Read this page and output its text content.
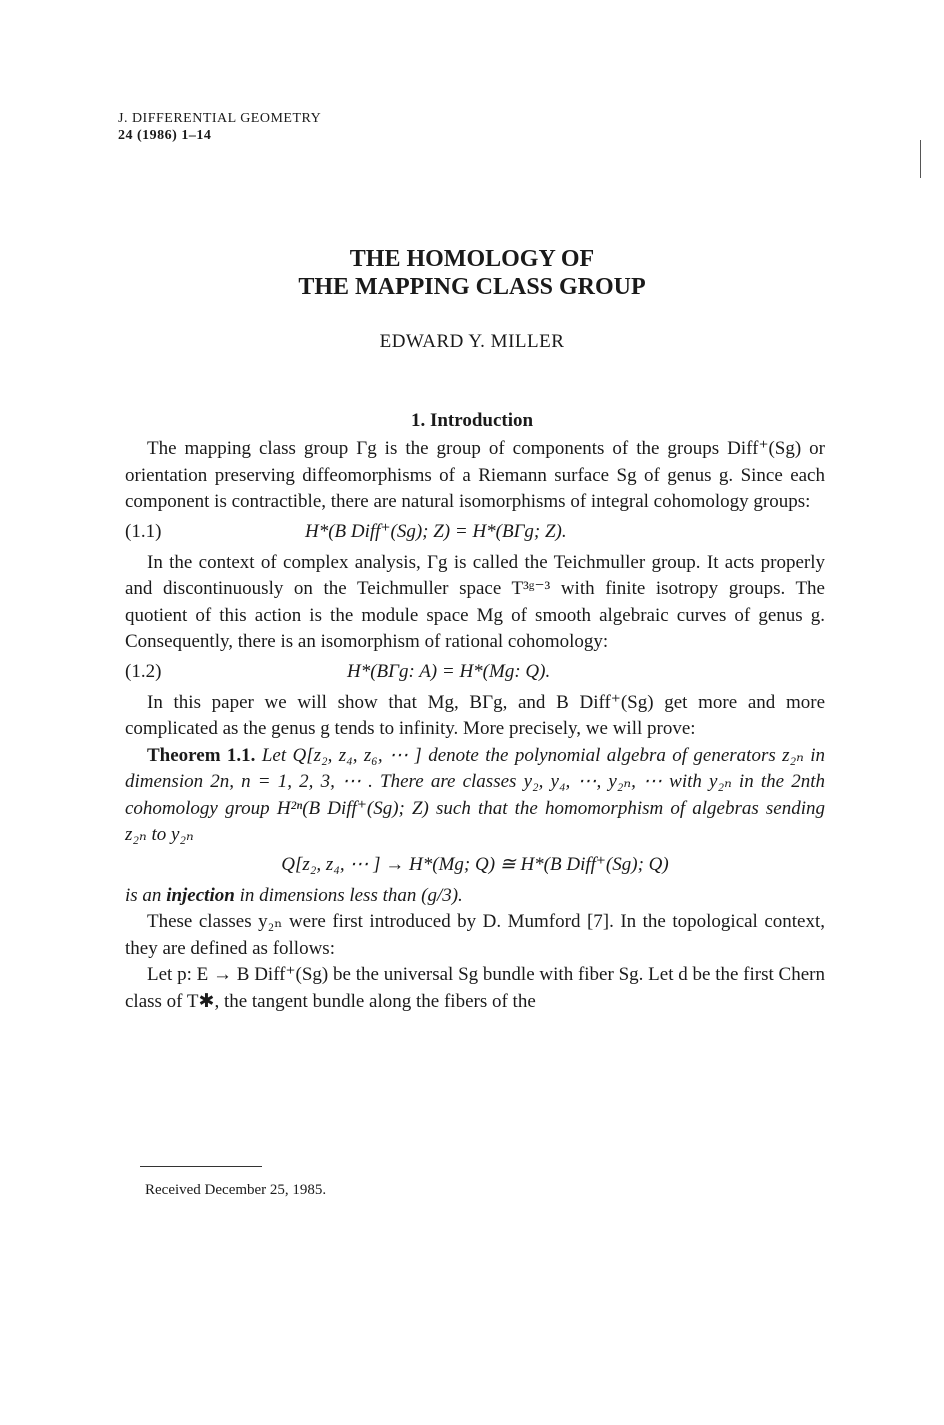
J. DIFFERENTIAL GEOMETRY
24 (1986) 1–14
THE HOMOLOGY OF
THE MAPPING CLASS GROUP
EDWARD Y. MILLER
1. Introduction

The mapping class group Γg is the group of components of the groups Diff⁺(Sg) or orientation preserving diffeomorphisms of a Riemann surface Sg of genus g. Since each component is contractible, there are natural isomorphisms of integral cohomology groups:

(1.1)	H*(B Diff⁺(Sg); Z) = H*(BΓg; Z).

In the context of complex analysis, Γg is called the Teichmuller group. It acts properly and discontinuously on the Teichmuller space T³ᵍ⁻³ with finite isotropy groups. The quotient of this action is the module space Mg of smooth algebraic curves of genus g. Consequently, there is an isomorphism of rational cohomology:

(1.2)	H*(BΓg: A) = H*(Mg: Q).

In this paper we will show that Mg, BΓg, and B Diff⁺(Sg) get more and more complicated as the genus g tends to infinity. More precisely, we will prove:

Theorem 1.1. Let Q[z₂, z₄, z₆, ⋯ ] denote the polynomial algebra of generators z₂ₙ in dimension 2n, n = 1, 2, 3, ⋯ . There are classes y₂, y₄, ⋯, y₂ₙ, ⋯ with y₂ₙ in the 2nth cohomology group H²ⁿ(B Diff⁺(Sg); Z) such that the homomorphism of algebras sending z₂ₙ to y₂ₙ

Q[z₂, z₄, ⋯ ] → H*(Mg; Q) ≅ H*(B Diff⁺(Sg); Q)
is an injection in dimensions less than (g/3).

These classes y₂ₙ were first introduced by D. Mumford [7]. In the topological context, they are defined as follows:

Let p: E → B Diff⁺(Sg) be the universal Sg bundle with fiber Sg. Let d be the first Chern class of T✱, the tangent bundle along the fibers of the

Received December 25, 1985.
